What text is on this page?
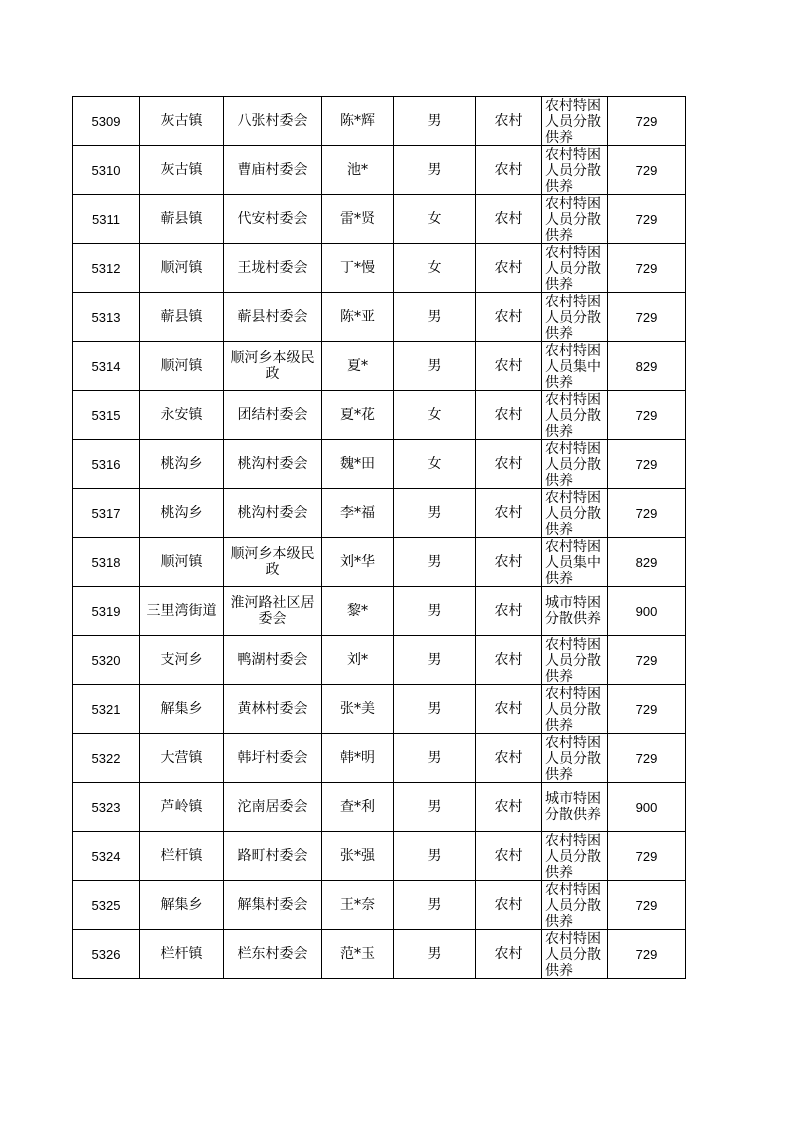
5309	灰古镇	八张村委会	陈*辉	男	农村	农村特困人员分散供养	729

5310	灰古镇	曹庙村委会	池*	男	农村	农村特困人员分散供养	729

5311	蕲县镇	代安村委会	雷*贤	女	农村	农村特困人员分散供养	729

5312	顺河镇	王垅村委会	丁*慢	女	农村	农村特困人员分散供养	729

5313	蕲县镇	蕲县村委会	陈*亚	男	农村	农村特困人员分散供养	729

5314	顺河镇	顺河乡本级民政	夏*	男	农村	农村特困人员集中供养	829

5315	永安镇	团结村委会	夏*花	女	农村	农村特困人员分散供养	729

5316	桃沟乡	桃沟村委会	魏*田	女	农村	农村特困人员分散供养	729

5317	桃沟乡	桃沟村委会	李*福	男	农村	农村特困人员分散供养	729

5318	顺河镇	顺河乡本级民政	刘*华	男	农村	农村特困人员集中供养	829

5319	三里湾街道	淮河路社区居委会	黎*	男	农村	城市特困分散供养	900

5320	支河乡	鸭湖村委会	刘*	男	农村	农村特困人员分散供养	729

5321	解集乡	黄林村委会	张*美	男	农村	农村特困人员分散供养	729

5322	大营镇	韩圩村委会	韩*明	男	农村	农村特困人员分散供养	729

5323	芦岭镇	沱南居委会	查*利	男	农村	城市特困分散供养	900

5324	栏杆镇	路町村委会	张*强	男	农村	农村特困人员分散供养	729

5325	解集乡	解集村委会	王*奈	男	农村	农村特困人员分散供养	729

5326	栏杆镇	栏东村委会	范*玉	男	农村	农村特困人员分散供养	729
